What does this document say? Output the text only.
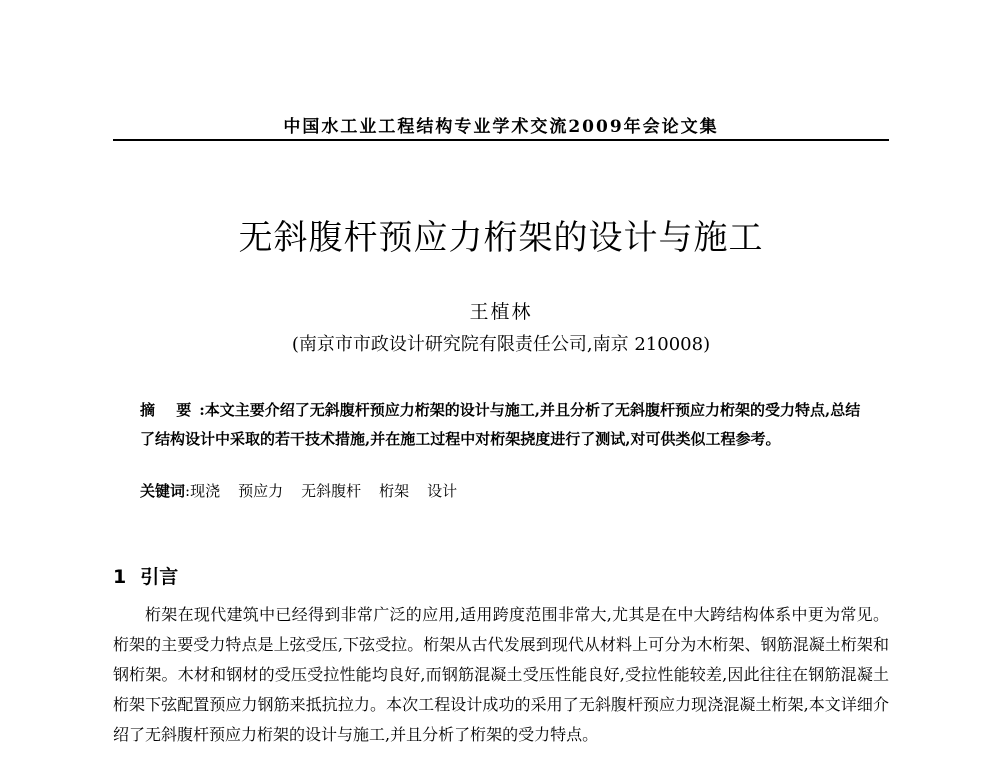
中国水工业工程结构专业学术交流2009年会论文集
无斜腹杆预应力桁架的设计与施工
王植林
(南京市市政设计研究院有限责任公司,南京 210008)
摘 要:本文主要介绍了无斜腹杆预应力桁架的设计与施工,并且分析了无斜腹杆预应力桁架的受力特点,总结了结构设计中采取的若干技术措施,并在施工过程中对桁架挠度进行了测试,对可供类似工程参考。
关键词:现浇 预应力 无斜腹杆 桁架 设计
1 引言

桁架在现代建筑中已经得到非常广泛的应用,适用跨度范围非常大,尤其是在中大跨结构体系中更为常见。桁架的主要受力特点是上弦受压,下弦受拉。桁架从古代发展到现代从材料上可分为木桁架、钢筋混凝土桁架和钢桁架。木材和钢材的受压受拉性能均良好,而钢筋混凝土受压性能良好,受拉性能较差,因此往往在钢筋混凝土桁架下弦配置预应力钢筋来抵抗拉力。本次工程设计成功的采用了无斜腹杆预应力现浇混凝土桁架,本文详细介绍了无斜腹杆预应力桁架的设计与施工,并且分析了桁架的受力特点。
